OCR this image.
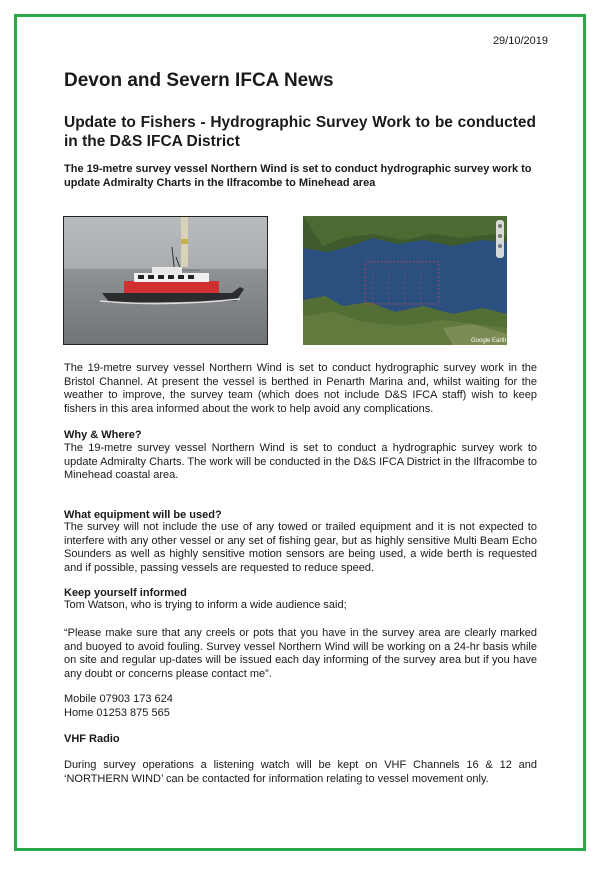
29/10/2019
Devon and Severn IFCA News
Update to Fishers - Hydrographic Survey Work to be conducted in the D&S IFCA District

The 19-metre survey vessel Northern Wind is set to conduct hydrographic survey work to update Admiralty Charts in the Ilfracombe to Minehead area

Google Earth

The 19-metre survey vessel Northern Wind is set to conduct hydrographic survey work in the Bristol Channel. At present the vessel is berthed in Penarth Marina and, whilst waiting for the weather to improve, the survey team (which does not include D&S IFCA staff) wish to keep fishers in this area informed about the work to help avoid any complications.

Why & Where?

The 19-metre survey vessel Northern Wind is set to conduct a hydrographic survey work to update Admiralty Charts. The work will be conducted in the D&S IFCA District in the Ilfracombe to Minehead coastal area.

What equipment will be used?

The survey will not include the use of any towed or trailed equipment and it is not expected to interfere with any other vessel or any set of fishing gear, but as highly sensitive Multi Beam Echo Sounders as well as highly sensitive motion sensors are being used, a wide berth is requested and if possible, passing vessels are requested to reduce speed.

Keep yourself informed

Tom Watson, who is trying to inform a wide audience said;

“Please make sure that any creels or pots that you have in the survey area are clearly marked and buoyed to avoid fouling. Survey vessel Northern Wind will be working on a 24-hr basis while on site and regular up-dates will be issued each day informing of the survey area but if you have any doubt or concerns please contact me”.

Mobile 07903 173 624

Home 01253 875 565

VHF Radio

During survey operations a listening watch will be kept on VHF Channels 16 & 12 and ‘NORTHERN WIND’ can be contacted for information relating to vessel movement only.
